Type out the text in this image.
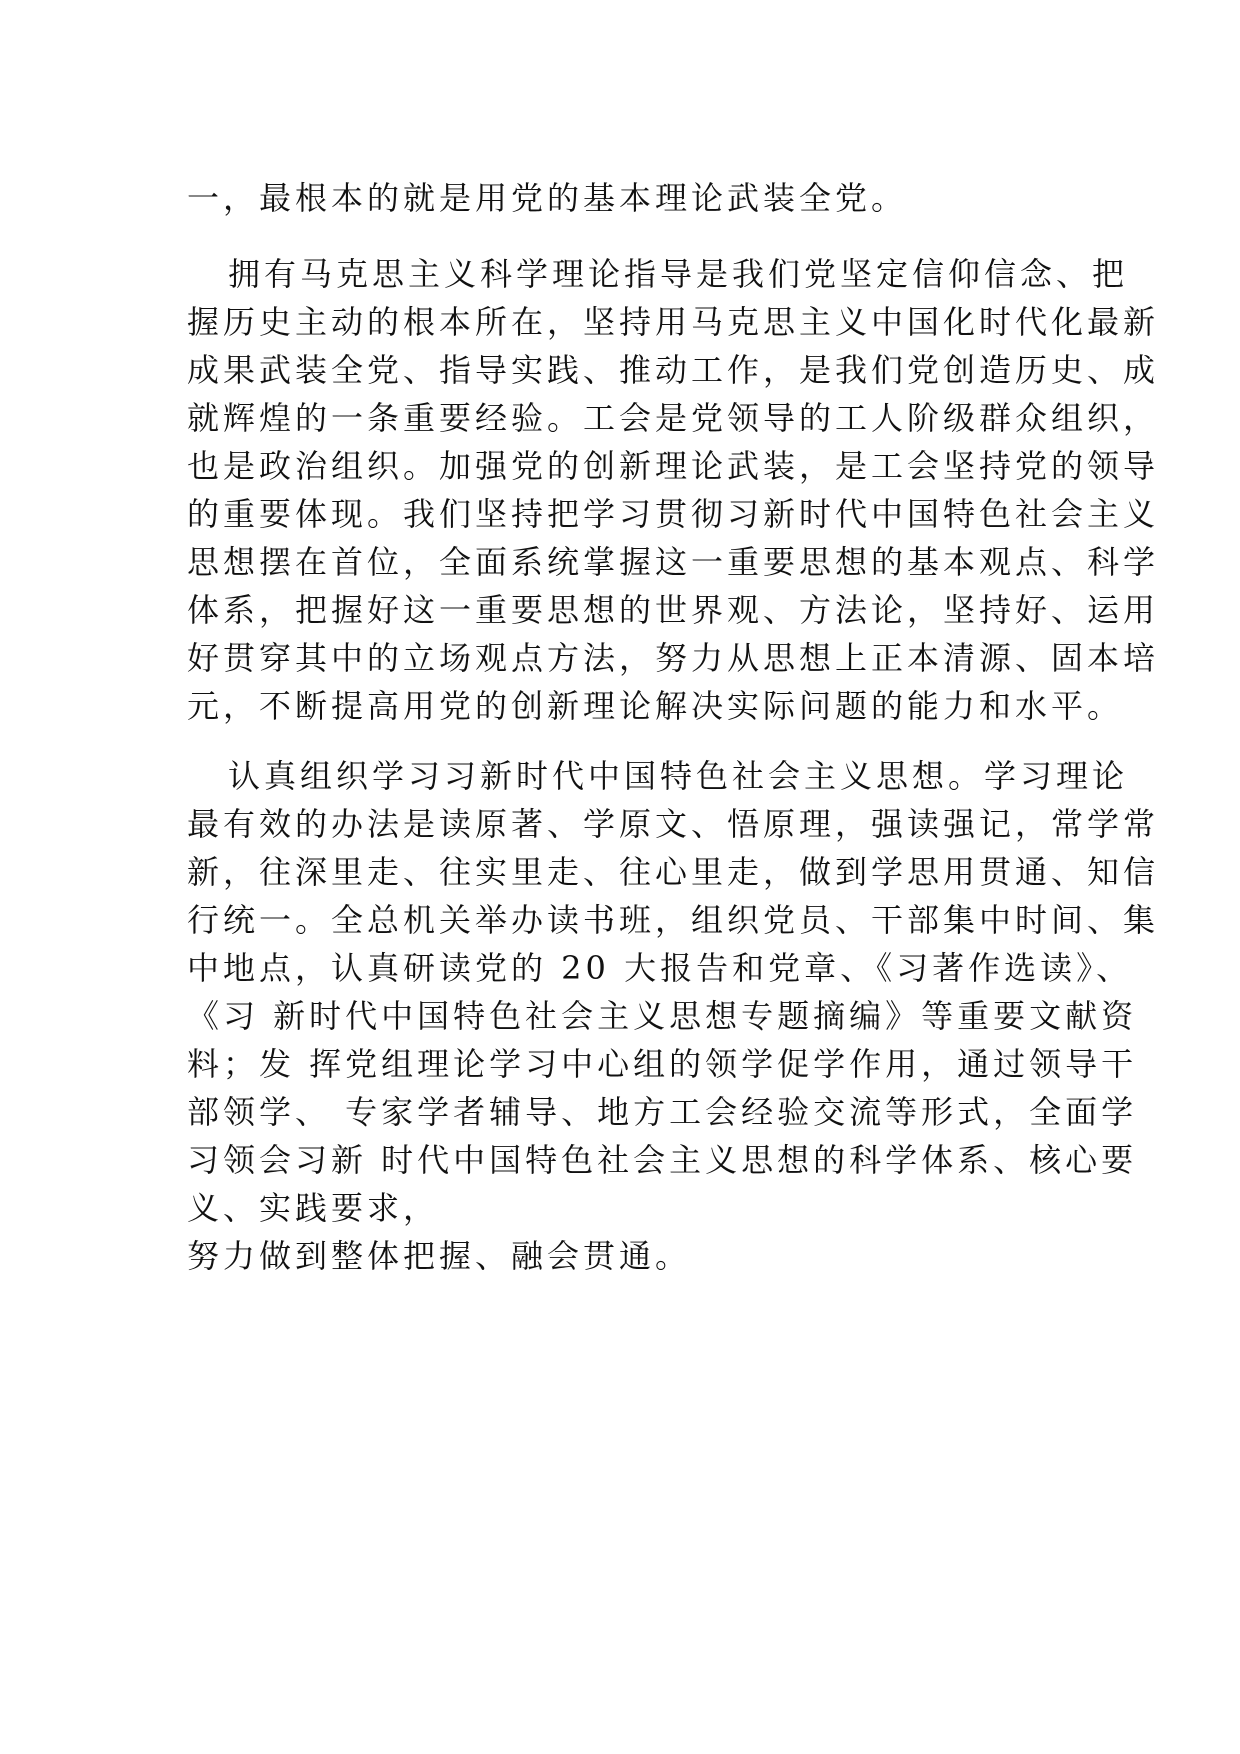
一，最根本的就是用党的基本理论武装全党。
拥有马克思主义科学理论指导是我们党坚定信仰信念、把
握历史主动的根本所在，坚持用马克思主义中国化时代化最新
成果武装全党、指导实践、推动工作，是我们党创造历史、成
就辉煌的一条重要经验。工会是党领导的工人阶级群众组织，
也是政治组织。加强党的创新理论武装，是工会坚持党的领导
的重要体现。我们坚持把学习贯彻习新时代中国特色社会主义
思想摆在首位，全面系统掌握这一重要思想的基本观点、科学
体系，把握好这一重要思想的世界观、方法论，坚持好、运用
好贯穿其中的立场观点方法，努力从思想上正本清源、固本培
元，不断提高用党的创新理论解决实际问题的能力和水平。
认真组织学习习新时代中国特色社会主义思想。学习理论
最有效的办法是读原著、学原文、悟原理，强读强记，常学常
新，往深里走、往实里走、往心里走，做到学思用贯通、知信
行统一。全总机关举办读书班，组织党员、干部集中时间、集
中地点，认真研读党的 20 大报告和党章、《习著作选读》、
《习 新时代中国特色社会主义思想专题摘编》等重要文献资
料；发 挥党组理论学习中心组的领学促学作用，通过领导干
部领学、 专家学者辅导、地方工会经验交流等形式，全面学
习领会习新 时代中国特色社会主义思想的科学体系、核心要
义、实践要求，
努力做到整体把握、融会贯通。
